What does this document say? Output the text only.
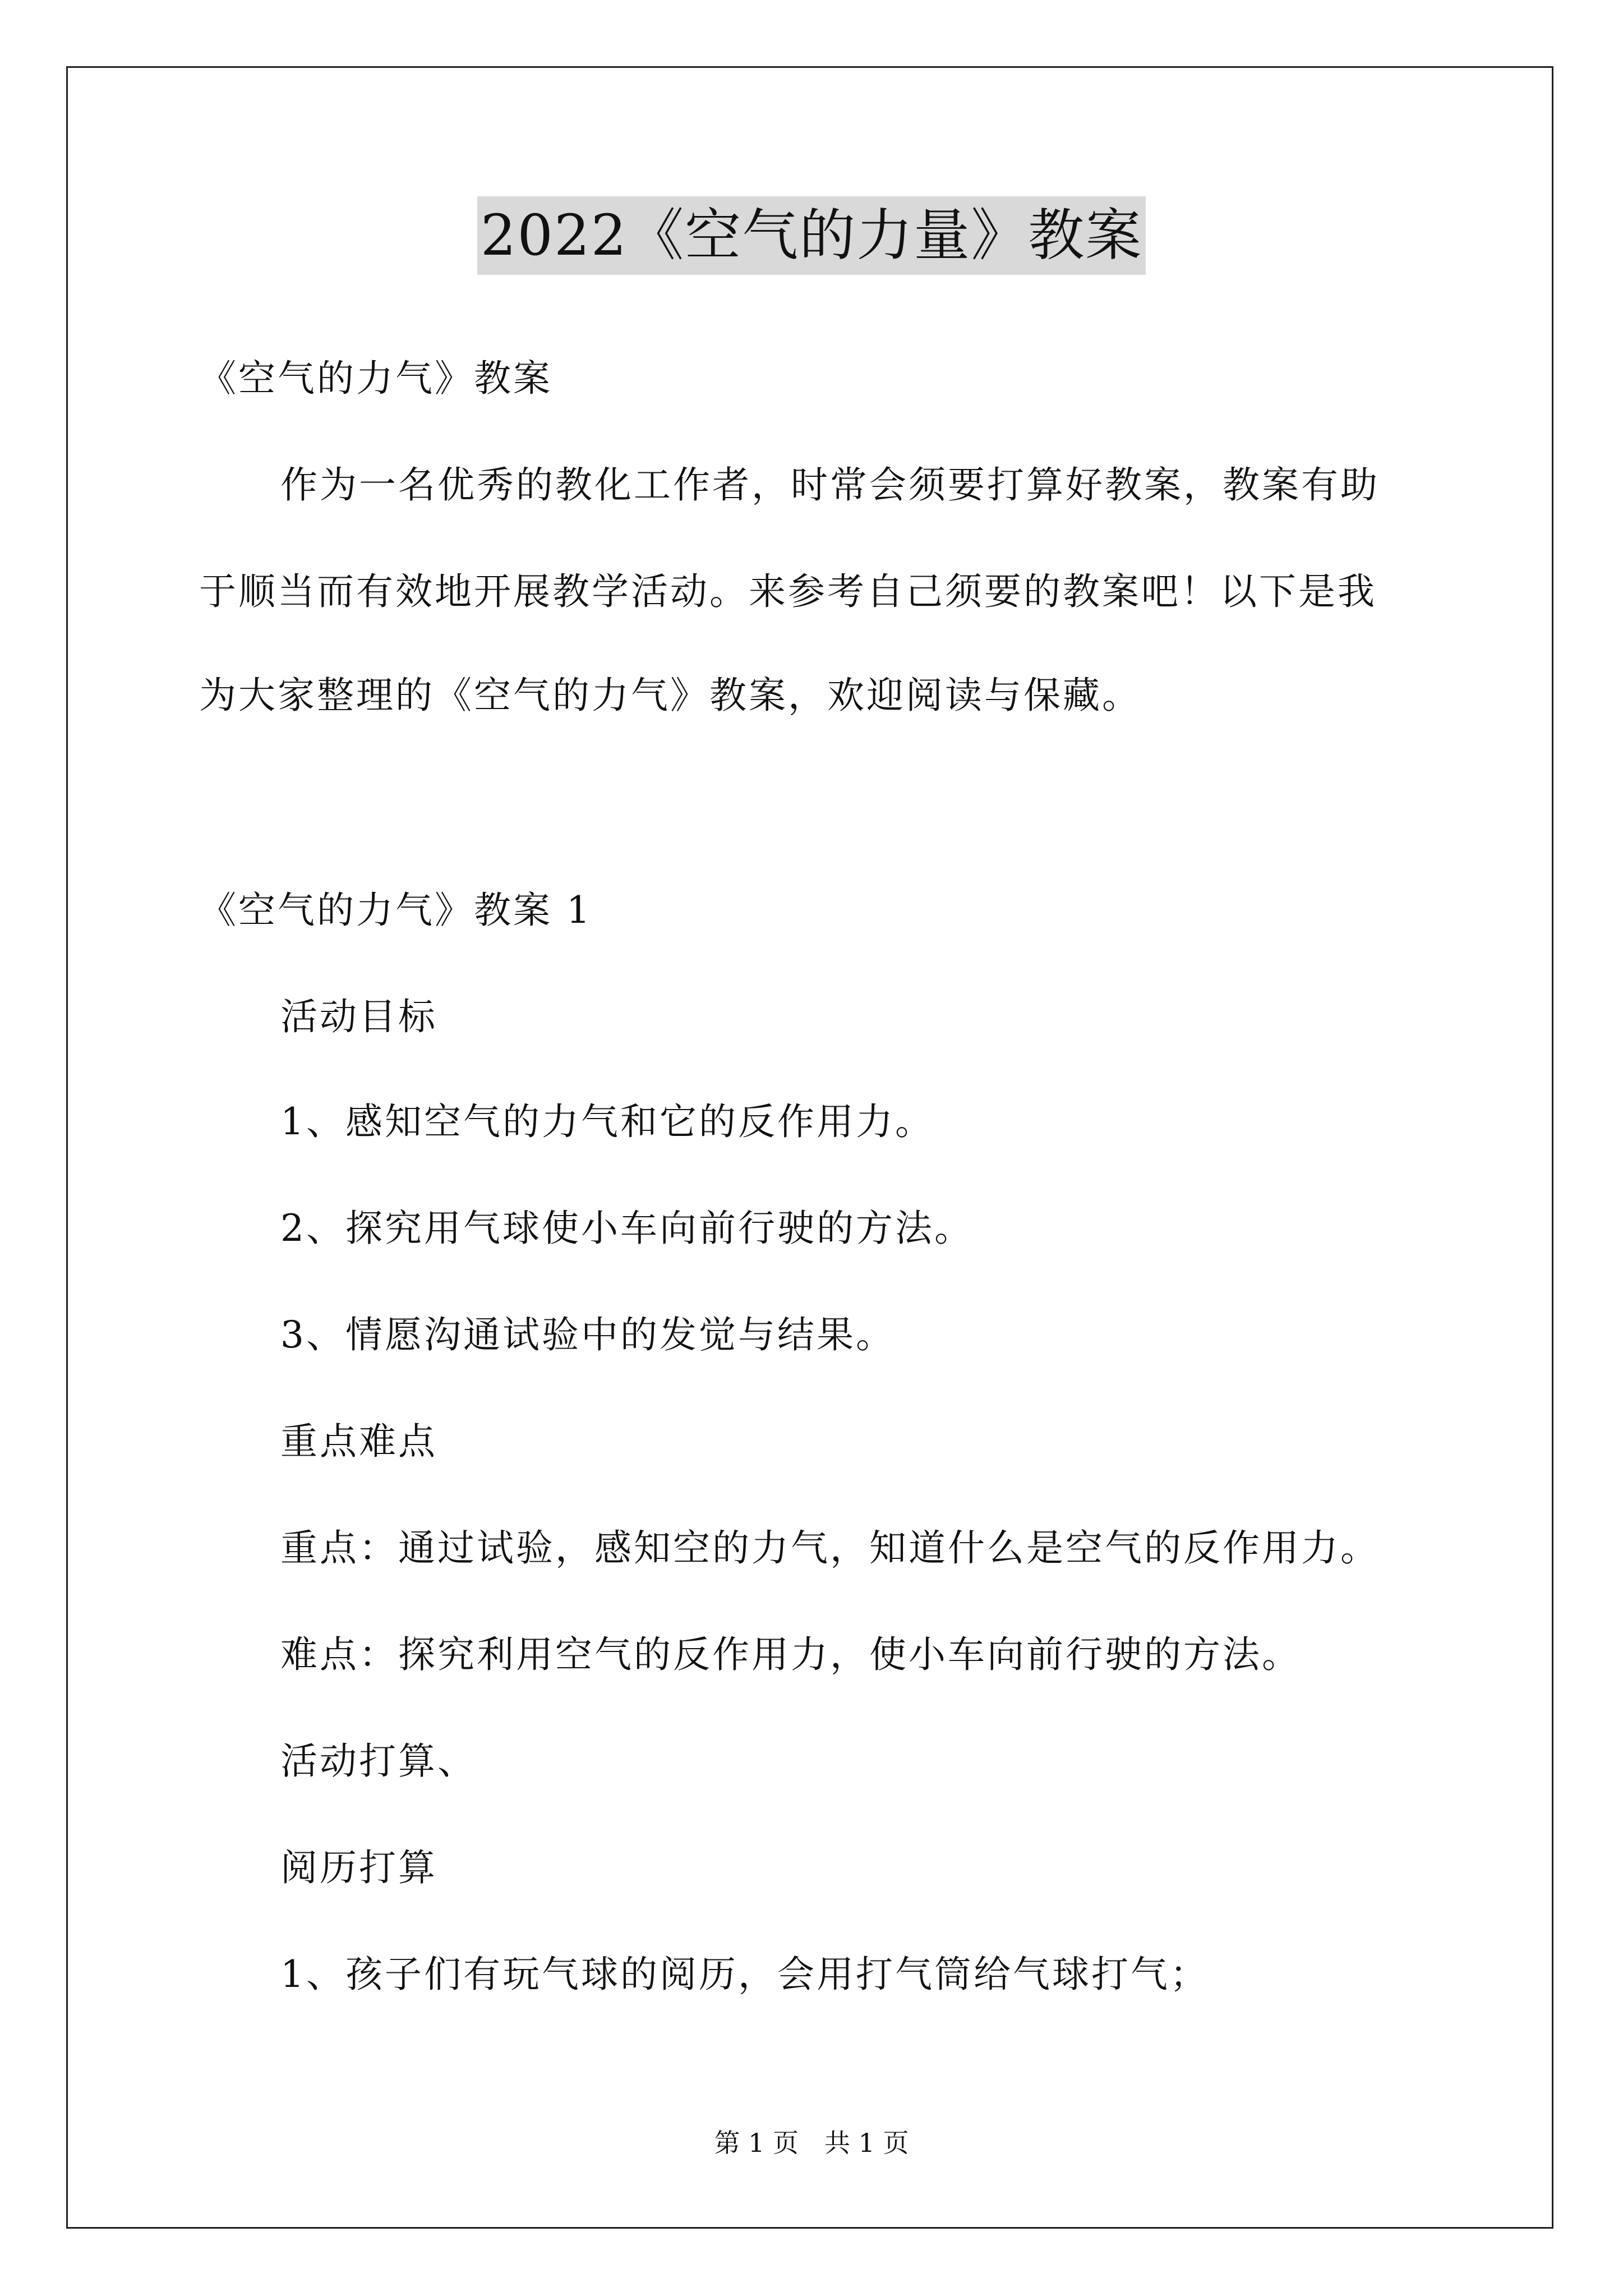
2022《空气的力量》教案
《空气的力气》教案
作为一名优秀的教化工作者，时常会须要打算好教案，教案有助
于顺当而有效地开展教学活动。来参考自己须要的教案吧！以下是我
为大家整理的《空气的力气》教案，欢迎阅读与保藏。
《空气的力气》教案 1
活动目标
1、感知空气的力气和它的反作用力。
2、探究用气球使小车向前行驶的方法。
3、情愿沟通试验中的发觉与结果。
重点难点
重点：通过试验，感知空的力气，知道什么是空气的反作用力。
难点：探究利用空气的反作用力，使小车向前行驶的方法。
活动打算、
阅历打算
1、孩子们有玩气球的阅历，会用打气筒给气球打气；
第 1 页　共 1 页
